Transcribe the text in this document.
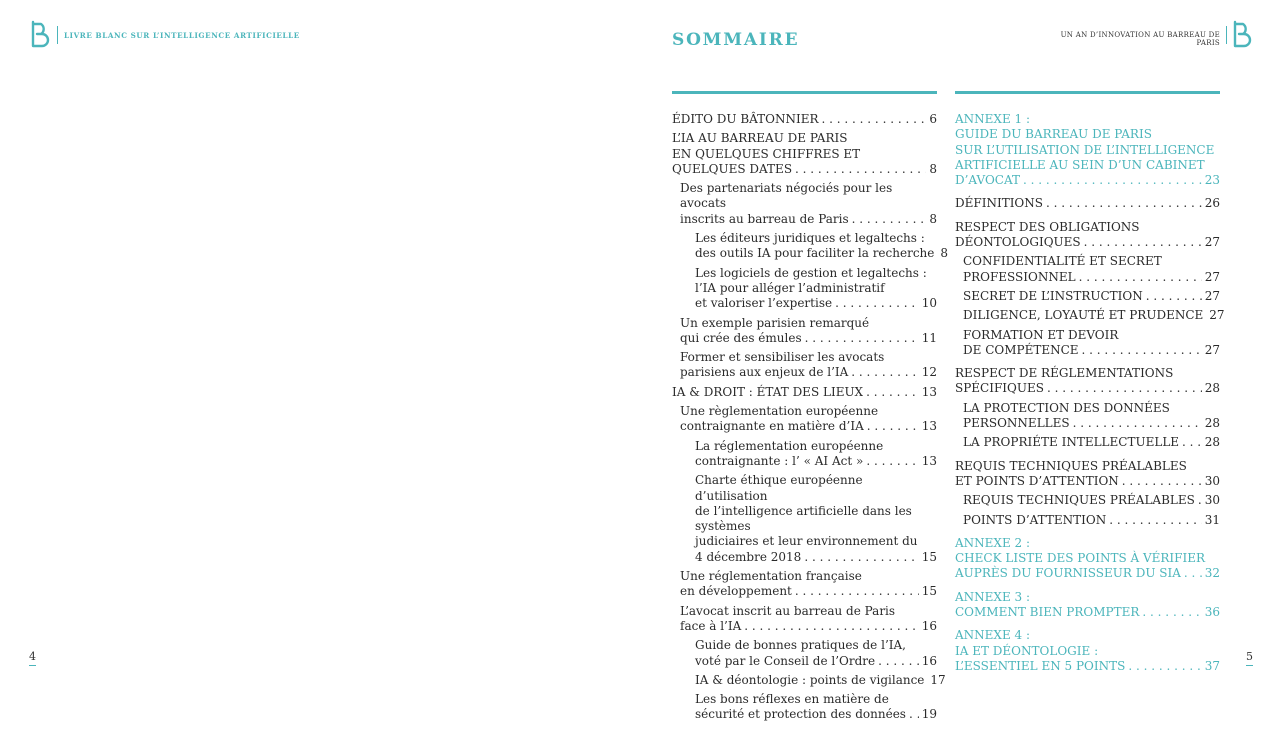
LIVRE BLANC SUR L’INTELLIGENCE ARTIFICIELLE	UN AN D’INNOVATION AU BARREAU DE PARIS
SOMMAIRE
ÉDITO DU BÂTONNIER . . .	6
L’IA AU BARREAU DE PARIS
EN QUELQUES CHIFFRES ET
QUELQUES DATES . . .	8
Des partenariats négociés pour les avocats
inscrits au barreau de Paris . . .	8
Les éditeurs juridiques et legaltechs :
des outils IA pour faciliter la recherche 8
Les logiciels de gestion et legaltechs :
l’IA pour alléger l’administratif
et valoriser l’expertise . . .	10
Un exemple parisien remarqué
qui crée des émules . . .	11
Former et sensibiliser les avocats
parisiens aux enjeux de l’IA . . .	12
IA & DROIT : ÉTAT DES LIEUX . . .	13
Une règlementation européenne
contraignante en matière d’IA . . .	13
La réglementation européenne
contraignante : l’ « AI Act » . . .	13
Charte éthique européenne d’utilisation
de l’intelligence artificielle dans les systèmes
judiciaires et leur environnement du
4 décembre 2018 . . .	15
Une réglementation française
en développement . . .	15
L’avocat inscrit au barreau de Paris
face à l’IA . . .	16
Guide de bonnes pratiques de l’IA,
voté par le Conseil de l’Ordre . . .	16
IA & déontologie : points de vigilance 17
Les bons réflexes en matière de
sécurité et protection des données . . . 19
ANNEXE 1 :
GUIDE DU BARREAU DE PARIS
SUR L’UTILISATION DE L’INTELLIGENCE
ARTIFICIELLE AU SEIN D’UN CABINET
D’AVOCAT . . .	23
DÉFINITIONS . . .	26
RESPECT DES OBLIGATIONS
DÉONTOLOGIQUES . . .	27
CONFIDENTIALITÉ ET SECRET
PROFESSIONNEL . . .	27
SECRET DE L’INSTRUCTION . . .	27
DILIGENCE, LOYAUTÉ ET PRUDENCE 27
FORMATION ET DEVOIR
DE COMPÉTENCE . . .	27
RESPECT DE RÉGLEMENTATIONS
SPÉCIFIQUES . . .	28
LA PROTECTION DES DONNÉES
PERSONNELLES . . .	28
LA PROPRIÉTE INTELLECTUELLE . . . 28
REQUIS TECHNIQUES PRÉALABLES
ET POINTS D’ATTENTION . . .	30
REQUIS TECHNIQUES PRÉALABLES . . . 30
POINTS D’ATTENTION . . .	31
ANNEXE 2 :
CHECK LISTE DES POINTS À VÉRIFIER
AUPRÈS DU FOURNISSEUR DU SIA . . . 32
ANNEXE 3 :
COMMENT BIEN PROMPTER . . .	36
ANNEXE 4 :
IA ET DÉONTOLOGIE :
L’ESSENTIEL EN 5 POINTS . . .	37
4	5
